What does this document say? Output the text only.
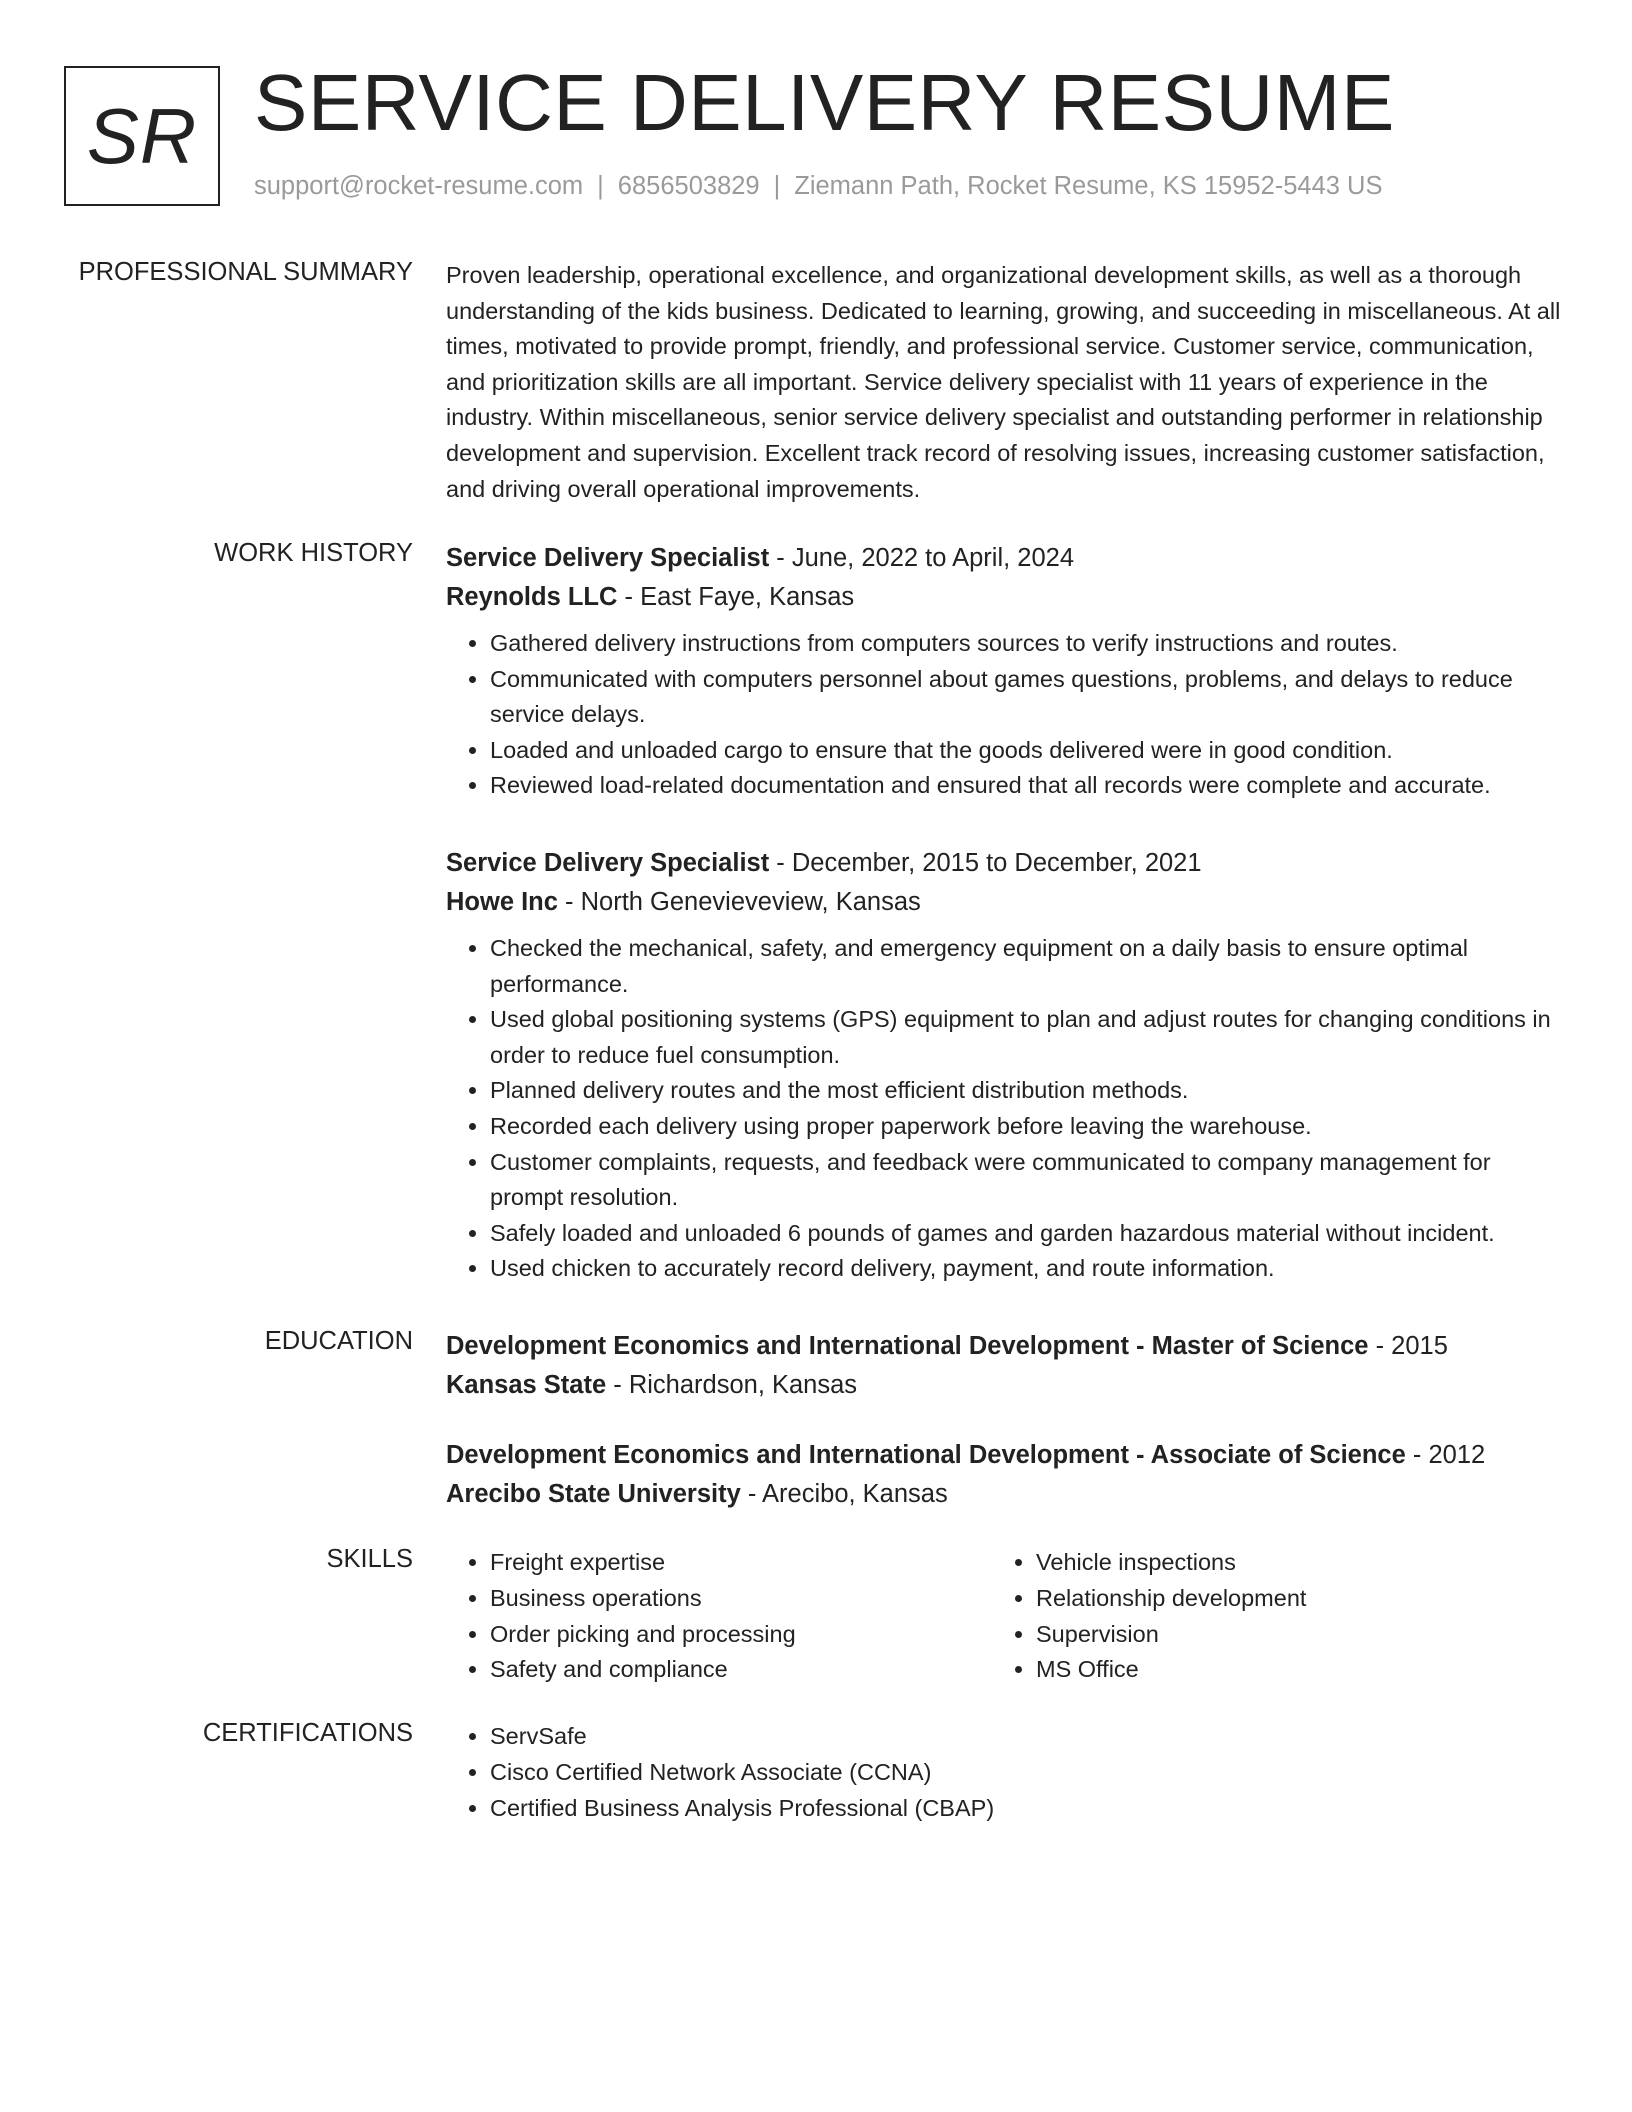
SR SERVICE DELIVERY RESUME
support@rocket-resume.com | 6856503829 | Ziemann Path, Rocket Resume, KS 15952-5443 US
PROFESSIONAL SUMMARY Proven leadership, operational excellence, and organizational development skills, as well as a thorough understanding of the kids business. Dedicated to learning, growing, and succeeding in miscellaneous. At all times, motivated to provide prompt, friendly, and professional service. Customer service, communication, and prioritization skills are all important. Service delivery specialist with 11 years of experience in the industry. Within miscellaneous, senior service delivery specialist and outstanding performer in relationship development and supervision. Excellent track record of resolving issues, increasing customer satisfaction, and driving overall operational improvements.

WORK HISTORY Service Delivery Specialist - June, 2022 to April, 2024
Reynolds LLC - East Faye, Kansas
• Gathered delivery instructions from computers sources to verify instructions and routes.
• Communicated with computers personnel about games questions, problems, and delays to reduce service delays.
• Loaded and unloaded cargo to ensure that the goods delivered were in good condition.
• Reviewed load-related documentation and ensured that all records were complete and accurate.
Service Delivery Specialist - December, 2015 to December, 2021
Howe Inc - North Genevieveview, Kansas
• Checked the mechanical, safety, and emergency equipment on a daily basis to ensure optimal performance.
• Used global positioning systems (GPS) equipment to plan and adjust routes for changing conditions in order to reduce fuel consumption.
• Planned delivery routes and the most efficient distribution methods.
• Recorded each delivery using proper paperwork before leaving the warehouse.
• Customer complaints, requests, and feedback were communicated to company management for prompt resolution.
• Safely loaded and unloaded 6 pounds of games and garden hazardous material without incident.
• Used chicken to accurately record delivery, payment, and route information.
EDUCATION Development Economics and International Development - Master of Science - 2015
Kansas State - Richardson, Kansas
Development Economics and International Development - Associate of Science - 2012
Arecibo State University - Arecibo, Kansas
SKILLS	• Freight expertise
• Business operations
• Order picking and processing
• Safety and compliance
• Vehicle inspections
• Relationship development
• Supervision
• MS Office
CERTIFICATIONS	• ServSafe
• Cisco Certified Network Associate (CCNA)
• Certified Business Analysis Professional (CBAP)
